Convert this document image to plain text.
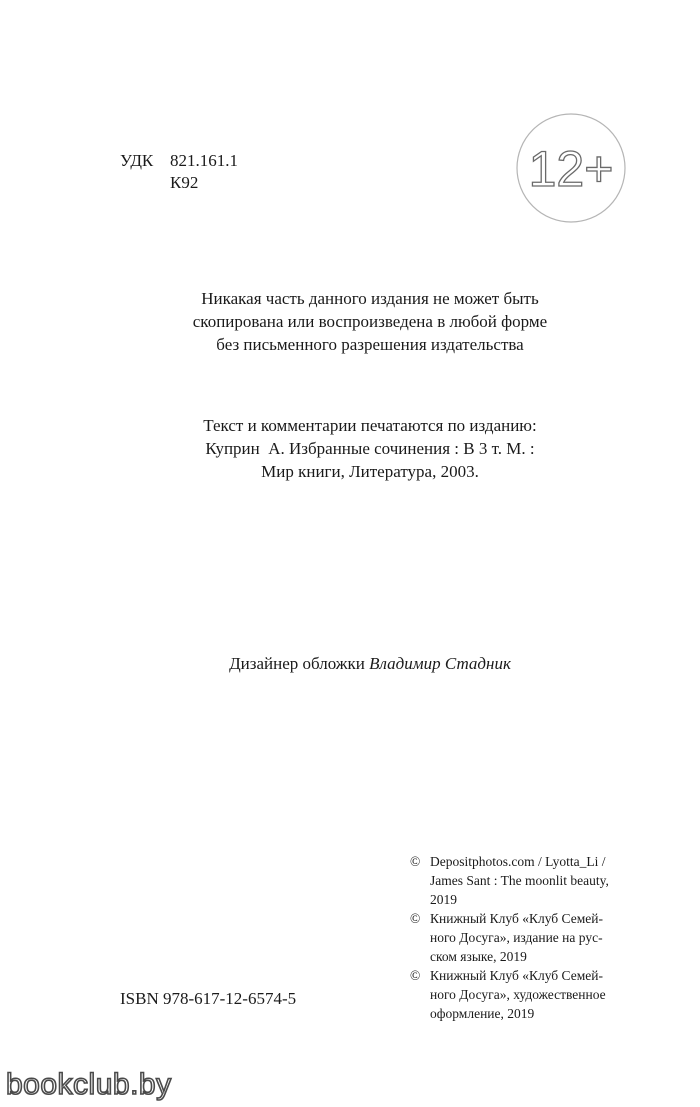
УДК 821.161.1
К92	12+
Никакая часть данного издания не может быть
скопирована или воспроизведена в любой форме
без письменного разрешения издательства
Текст и комментарии печатаются по изданию:
Куприн  А. Избранные сочинения : В 3 т. М. :
Мир книги, Литература, 2003.
Дизайнер обложки Владимир Стадник
© Depositphotos.com / Lyotta_Li /
James Sant : The moonlit beauty,
2019
© Книжный Клуб «Клуб Семей-
ного Досуга», издание на рус-
ском языке, 2019
© Книжный Клуб «Клуб Семей-
ного Досуга», художественное
оформление, 2019
ISBN 978-617-12-6574-5
bookclub.by
